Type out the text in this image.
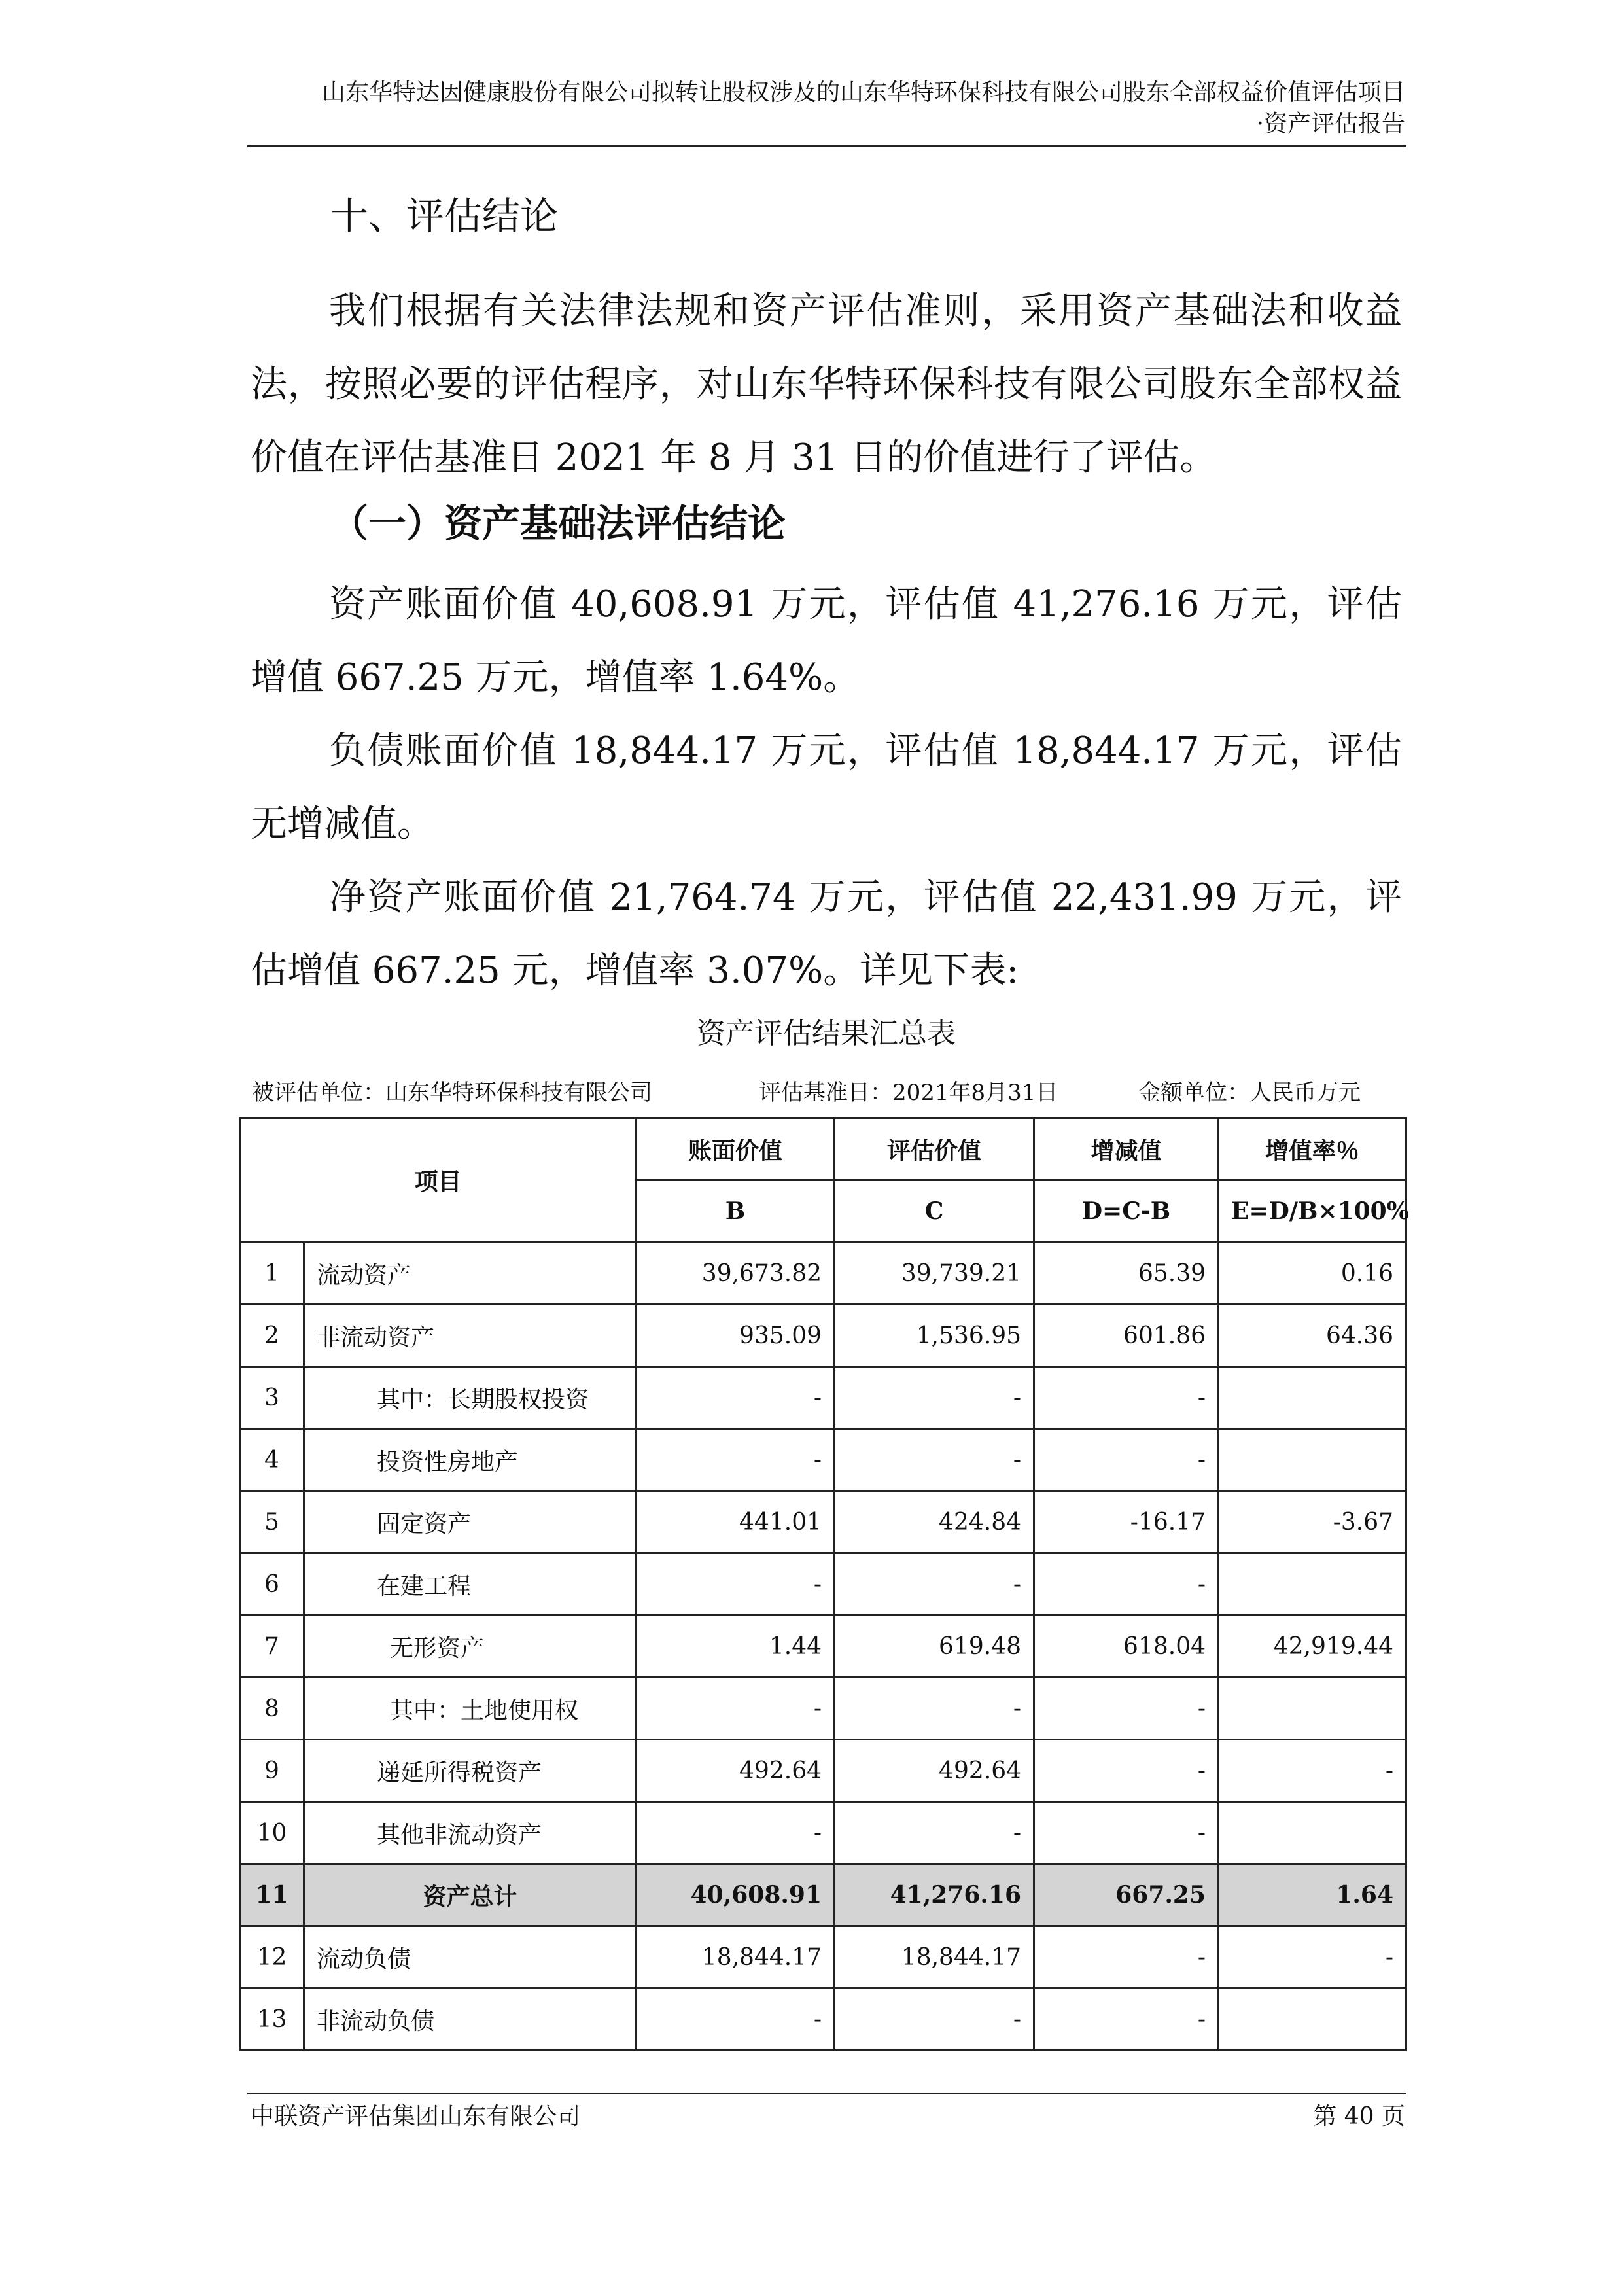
山东华特达因健康股份有限公司拟转让股权涉及的山东华特环保科技有限公司股东全部权益价值评估项目
·资产评估报告
十、评估结论

我们根据有关法律法规和资产评估准则，采用资产基础法和收益法，按照必要的评估程序，对山东华特环保科技有限公司股东全部权益价值在评估基准日 2021 年 8 月 31 日的价值进行了评估。

（一）资产基础法评估结论

资产账面价值 40,608.91 万元，评估值 41,276.16 万元，评估增值 667.25 万元，增值率 1.64%。

负债账面价值 18,844.17 万元，评估值 18,844.17 万元，评估无增减值。

净资产账面价值 21,764.74 万元，评估值 22,431.99 万元，评估增值 667.25 元，增值率 3.07%。详见下表:

资产评估结果汇总表
被评估单位：山东华特环保科技有限公司	评估基准日：2021年8月31日	金额单位：人民币万元
项目		账面价值	评估价值	增减值	增值率％
		B	C	D=C-B	E=D/B×100%
1	流动资产	39,673.82	39,739.21	65.39	0.16
2	非流动资产	935.09	1,536.95	601.86	64.36
3	其中：长期股权投资	-	-	-	
4	投资性房地产	-	-	-	
5	固定资产	441.01	424.84	-16.17	-3.67
6	在建工程	-	-	-	
7	无形资产	1.44	619.48	618.04	42,919.44
8	其中：土地使用权	-	-	-	
9	递延所得税资产	492.64	492.64	-	-
10	其他非流动资产	-	-	-	
11	资产总计	40,608.91	41,276.16	667.25	1.64
12	流动负债	18,844.17	18,844.17	-	-
13	非流动负债	-	-	-	
中联资产评估集团山东有限公司	第 40 页
